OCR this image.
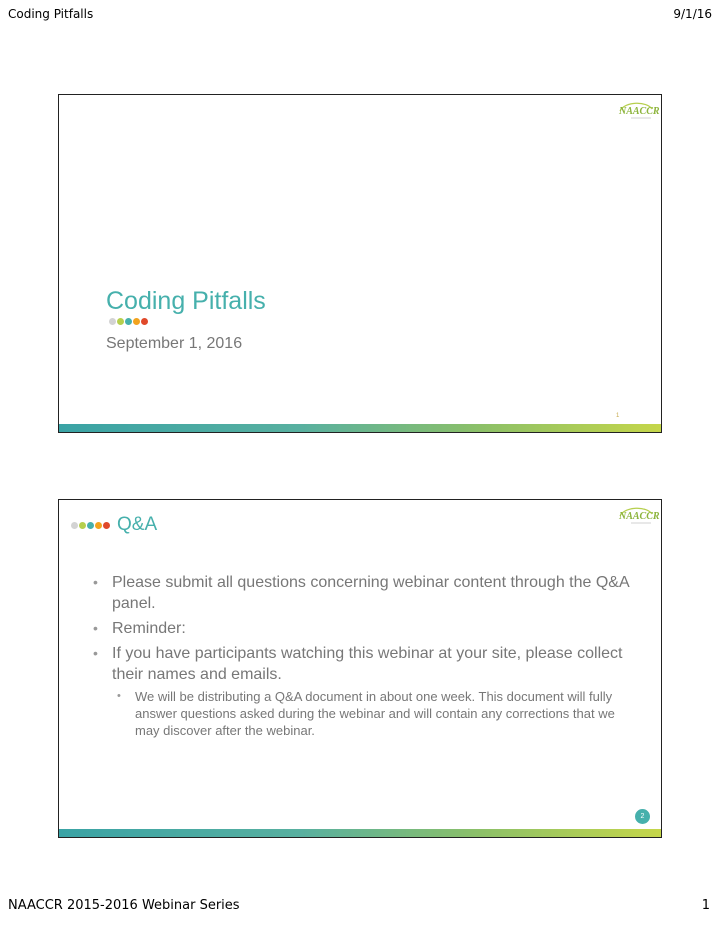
Coding Pitfalls	9/1/16
NAACCR
Coding Pitfalls
September 1, 2016
1
NAACCR
Q&A
• Please submit all questions concerning webinar content through the Q&A panel.
• Reminder:
• If you have participants watching this webinar at your site, please collect their names and emails.
• We will be distributing a Q&A document in about one week. This document will fully answer questions asked during the webinar and will contain any corrections that we may discover after the webinar.
2
NAACCR 2015-2016 Webinar Series	1
